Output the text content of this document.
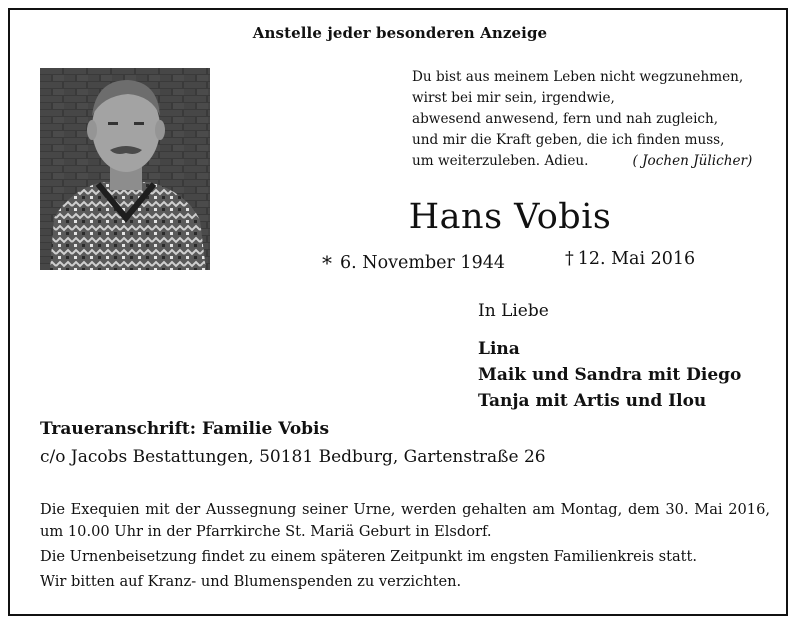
Anstelle jeder besonderen Anzeige
Du bist aus meinem Leben nicht wegzunehmen,
wirst bei mir sein, irgendwie,
abwesend anwesend, fern und nah zugleich,
und mir die Kraft geben, die ich finden muss,
um weiterzuleben. Adieu.	( Jochen Jülicher)
Hans Vobis
* 6. November 1944	† 12. Mai 2016
In Liebe
Lina
Maik und Sandra mit Diego
Tanja mit Artis und Ilou
Traueranschrift: Familie Vobis
c/o Jacobs Bestattungen, 50181 Bedburg, Gartenstraße 26

Die Exequien mit der Aussegnung seiner Urne, werden gehalten am Montag, dem 30. Mai 2016, um 10.00 Uhr in der Pfarrkirche St. Mariä Geburt in Elsdorf.

Die Urnenbeisetzung findet zu einem späteren Zeitpunkt im engsten Familienkreis statt.

Wir bitten auf Kranz- und Blumenspenden zu verzichten.
